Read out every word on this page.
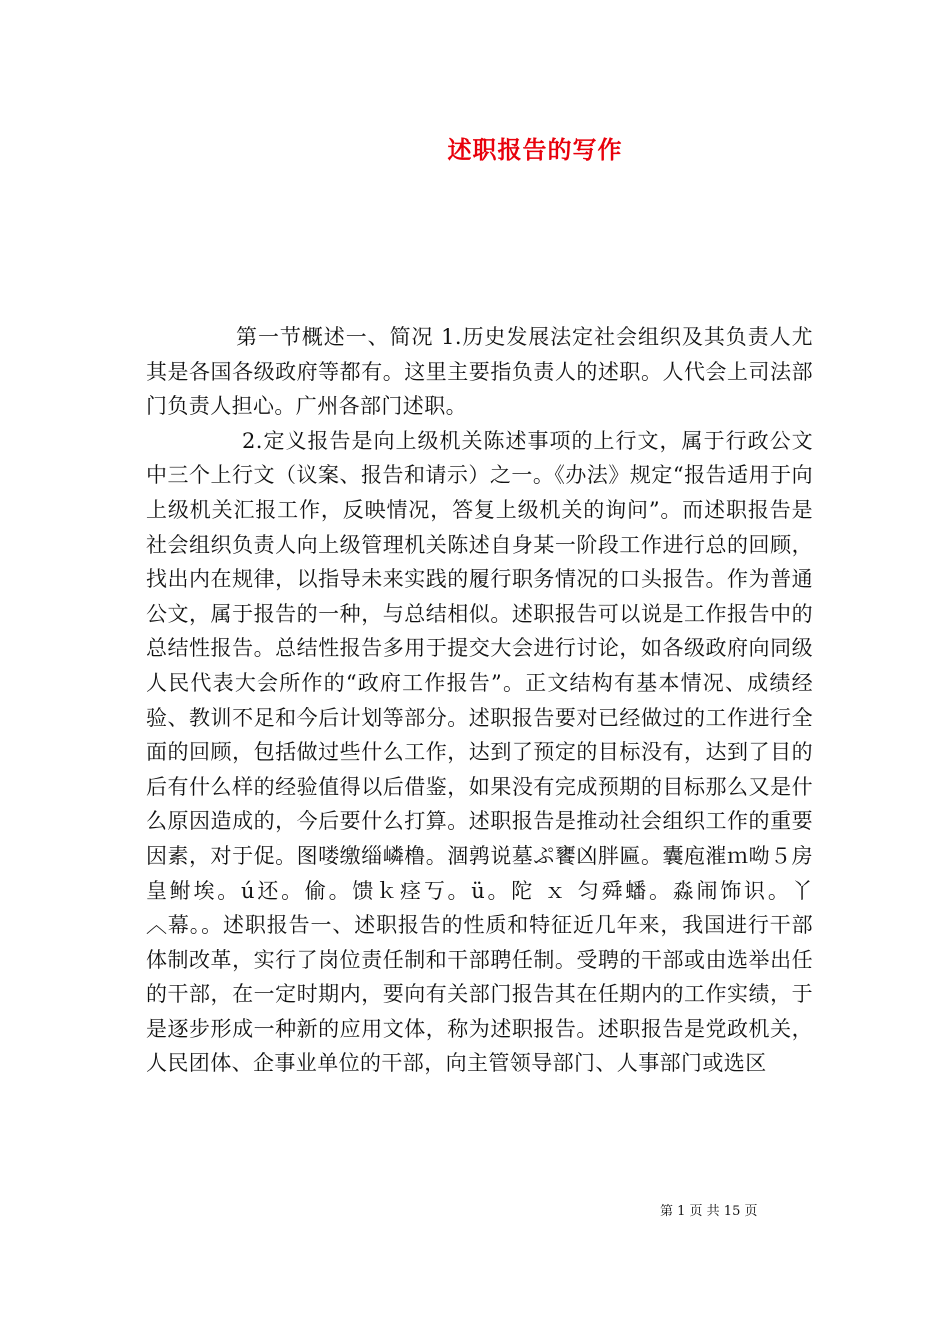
述职报告的写作

第一节概述一、简况 1.历史发展法定社会组织及其负责人尤其是各国各级政府等都有。这里主要指负责人的述职。人代会上司法部门负责人担心。广州各部门述职。

2.定义报告是向上级机关陈述事项的上行文，属于行政公文中三个上行文（议案、报告和请示）之一。《办法》规定“报告适用于向上级机关汇报工作，反映情况，答复上级机关的询问”。而述职报告是社会组织负责人向上级管理机关陈述自身某一阶段工作进行总的回顾，找出内在规律，以指导未来实践的履行职务情况的口头报告。作为普通公文，属于报告的一种，与总结相似。述职报告可以说是工作报告中的总结性报告。总结性报告多用于提交大会进行讨论，如各级政府向同级人民代表大会所作的“政府工作报告”。正文结构有基本情况、成绩经验、教训不足和今后计划等部分。述职报告要对已经做过的工作进行全面的回顾，包括做过些什么工作，达到了预定的目标没有，达到了目的后有什么样的经验值得以后借鉴，如果没有完成预期的目标那么又是什么原因造成的，今后要什么打算。述职报告是推动社会组织工作的重要因素，对于促。图喽缴缁嶙橹。涸鹑说墓ぷ饔凶胖匾。囊庖漼ｍ呦５房皇鲋埃。ú还。偷。馈ｋ痉丂。ü。陀 ｘ 匀舜蟠。淼闹饰识。丫︿幕。。述职报告一、述职报告的性质和特征近几年来，我国进行干部体制改革，实行了岗位责任制和干部聘任制。受聘的干部或由选举出任的干部，在一定时期内，要向有关部门报告其在任期内的工作实绩，于是逐步形成一种新的应用文体，称为述职报告。述职报告是党政机关，人民团体、企事业单位的干部，向主管领导部门、人事部门或选区

第 1 页 共 15 页
